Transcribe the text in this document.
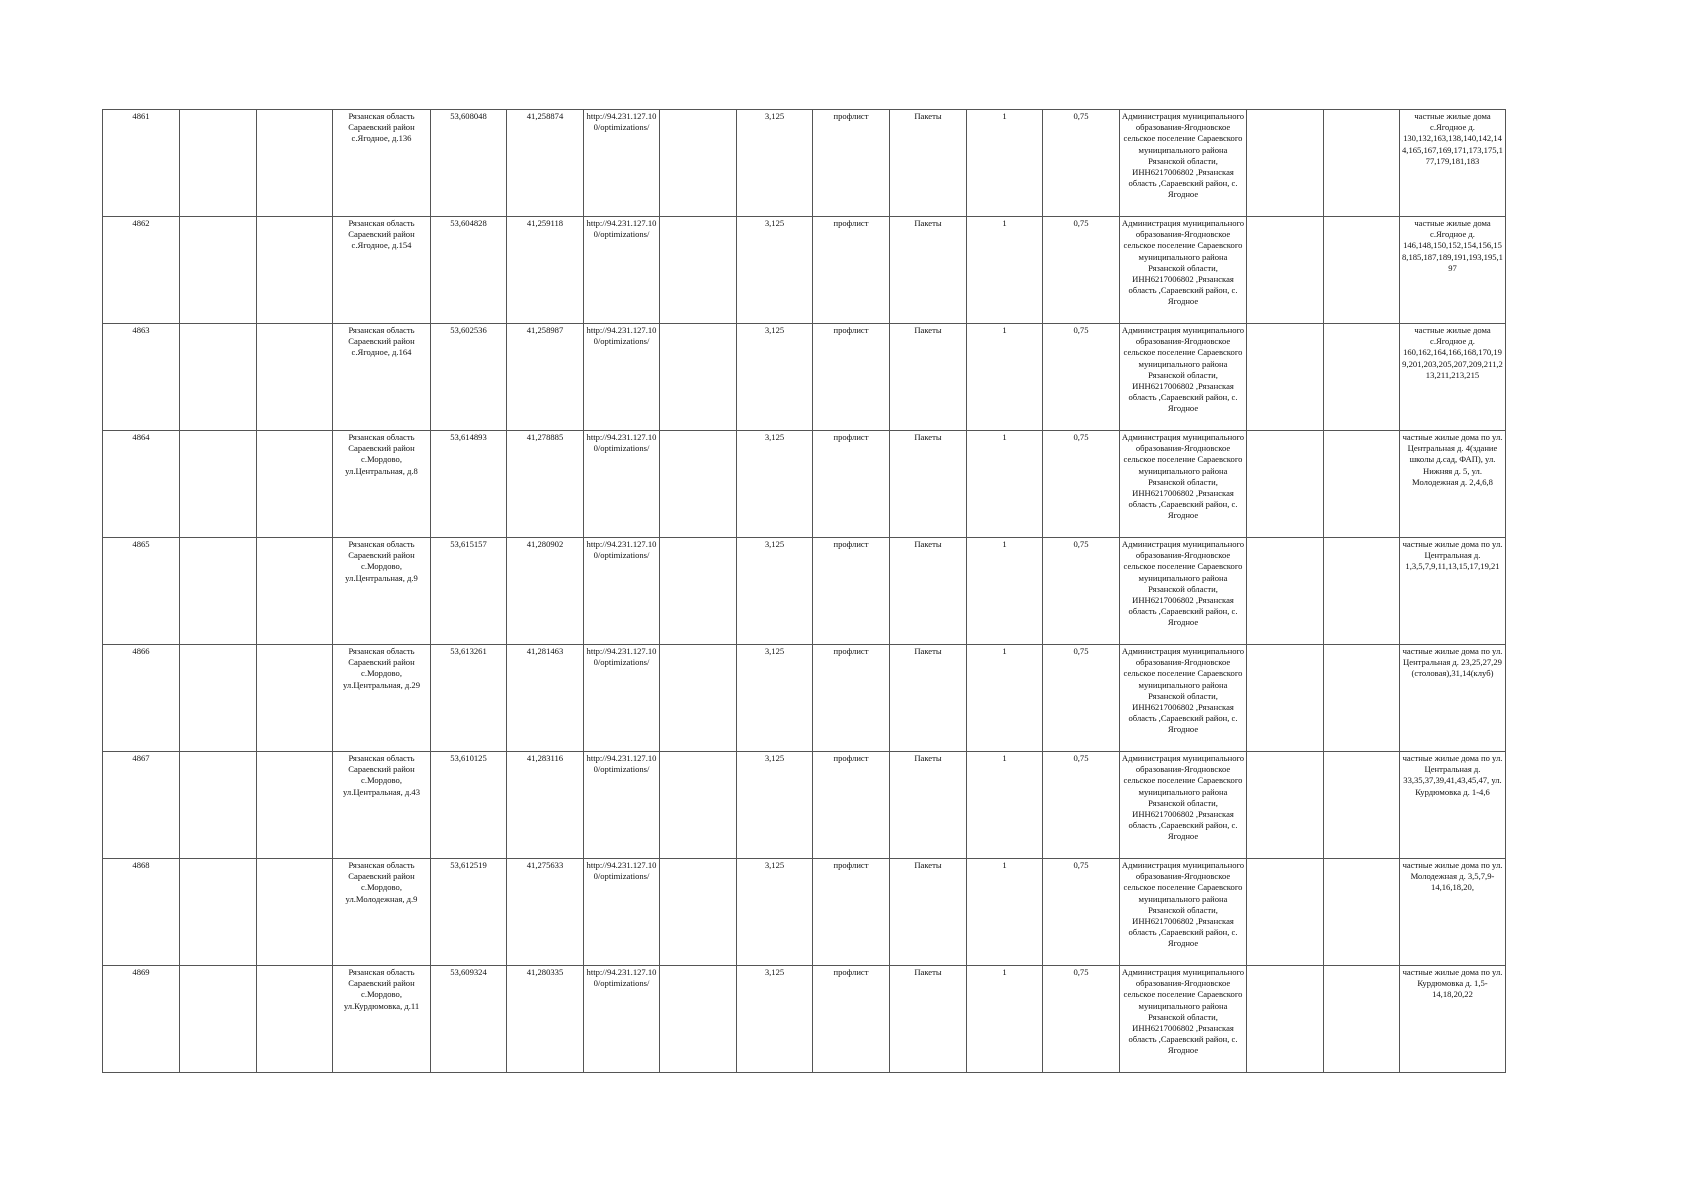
4861			Рязанская область Сараевский район с.Ягодное, д.136	53,608048	41,258874	http://94.231.127.10 0/optimizations/		3,125	профлист	Пакеты	1	0,75	Администрация муниципального образования-Ягодновское сельское поселение Сараевского муниципального района Рязанской области, ИНН6217006802 ,Рязанская область ,Сараевский район, с. Ягодное			частные жилые дома с.Ягодное д. 130,132,163,138,140,142,144,165,167,169,171,173,175,177,179,181,183
4862			Рязанская область Сараевский район с.Ягодное, д.154	53,604828	41,259118	http://94.231.127.10 0/optimizations/		3,125	профлист	Пакеты	1	0,75	Администрация муниципального образования-Ягодновское сельское поселение Сараевского муниципального района Рязанской области, ИНН6217006802 ,Рязанская область ,Сараевский район, с. Ягодное			частные жилые дома с.Ягодное д. 146,148,150,152,154,156,158,185,187,189,191,193,195,197
4863			Рязанская область Сараевский район с.Ягодное, д.164	53,602536	41,258987	http://94.231.127.10 0/optimizations/		3,125	профлист	Пакеты	1	0,75	Администрация муниципального образования-Ягодновское сельское поселение Сараевского муниципального района Рязанской области, ИНН6217006802 ,Рязанская область ,Сараевский район, с. Ягодное			частные жилые дома с.Ягодное д. 160,162,164,166,168,170,199,201,203,205,207,209,211,213,211,213,215
4864			Рязанская область Сараевский район с.Мордово, ул.Центральная, д.8	53,614893	41,278885	http://94.231.127.10 0/optimizations/		3,125	профлист	Пакеты	1	0,75	Администрация муниципального образования-Ягодновское сельское поселение Сараевского муниципального района Рязанской области, ИНН6217006802 ,Рязанская область ,Сараевский район, с. Ягодное			частные жилые дома по ул. Центральная д. 4(здание школы д.сад, ФАП), ул. Нижняя д. 5, ул. Молодежная д. 2,4,6,8
4865			Рязанская область Сараевский район с.Мордово, ул.Центральная, д.9	53,615157	41,280902	http://94.231.127.10 0/optimizations/		3,125	профлист	Пакеты	1	0,75	Администрация муниципального образования-Ягодновское сельское поселение Сараевского муниципального района Рязанской области, ИНН6217006802 ,Рязанская область ,Сараевский район, с. Ягодное			частные жилые дома по ул. Центральная д. 1,3,5,7,9,11,13,15,17,19,21
4866			Рязанская область Сараевский район с.Мордово, ул.Центральная, д.29	53,613261	41,281463	http://94.231.127.10 0/optimizations/		3,125	профлист	Пакеты	1	0,75	Администрация муниципального образования-Ягодновское сельское поселение Сараевского муниципального района Рязанской области, ИНН6217006802 ,Рязанская область ,Сараевский район, с. Ягодное			частные жилые дома по ул. Центральная д. 23,25,27,29 (столовая),31,14(клуб)
4867			Рязанская область Сараевский район с.Мордово, ул.Центральная, д.43	53,610125	41,283116	http://94.231.127.10 0/optimizations/		3,125	профлист	Пакеты	1	0,75	Администрация муниципального образования-Ягодновское сельское поселение Сараевского муниципального района Рязанской области, ИНН6217006802 ,Рязанская область ,Сараевский район, с. Ягодное			частные жилые дома по ул. Центральная д. 33,35,37,39,41,43,45,47, ул. Курдюмовка д. 1-4,6
4868			Рязанская область Сараевский район с.Мордово, ул.Молодежная, д.9	53,612519	41,275633	http://94.231.127.10 0/optimizations/		3,125	профлист	Пакеты	1	0,75	Администрация муниципального образования-Ягодновское сельское поселение Сараевского муниципального района Рязанской области, ИНН6217006802 ,Рязанская область ,Сараевский район, с. Ягодное			частные жилые дома по ул. Молодежная д. 3,5,7,9-14,16,18,20,
4869			Рязанская область Сараевский район с.Мордово, ул.Курдюмовка, д.11	53,609324	41,280335	http://94.231.127.10 0/optimizations/		3,125	профлист	Пакеты	1	0,75	Администрация муниципального образования-Ягодновское сельское поселение Сараевского муниципального района Рязанской области, ИНН6217006802 ,Рязанская область ,Сараевский район, с. Ягодное			частные жилые дома по ул. Курдюмовка д. 1,5-14,18,20,22
